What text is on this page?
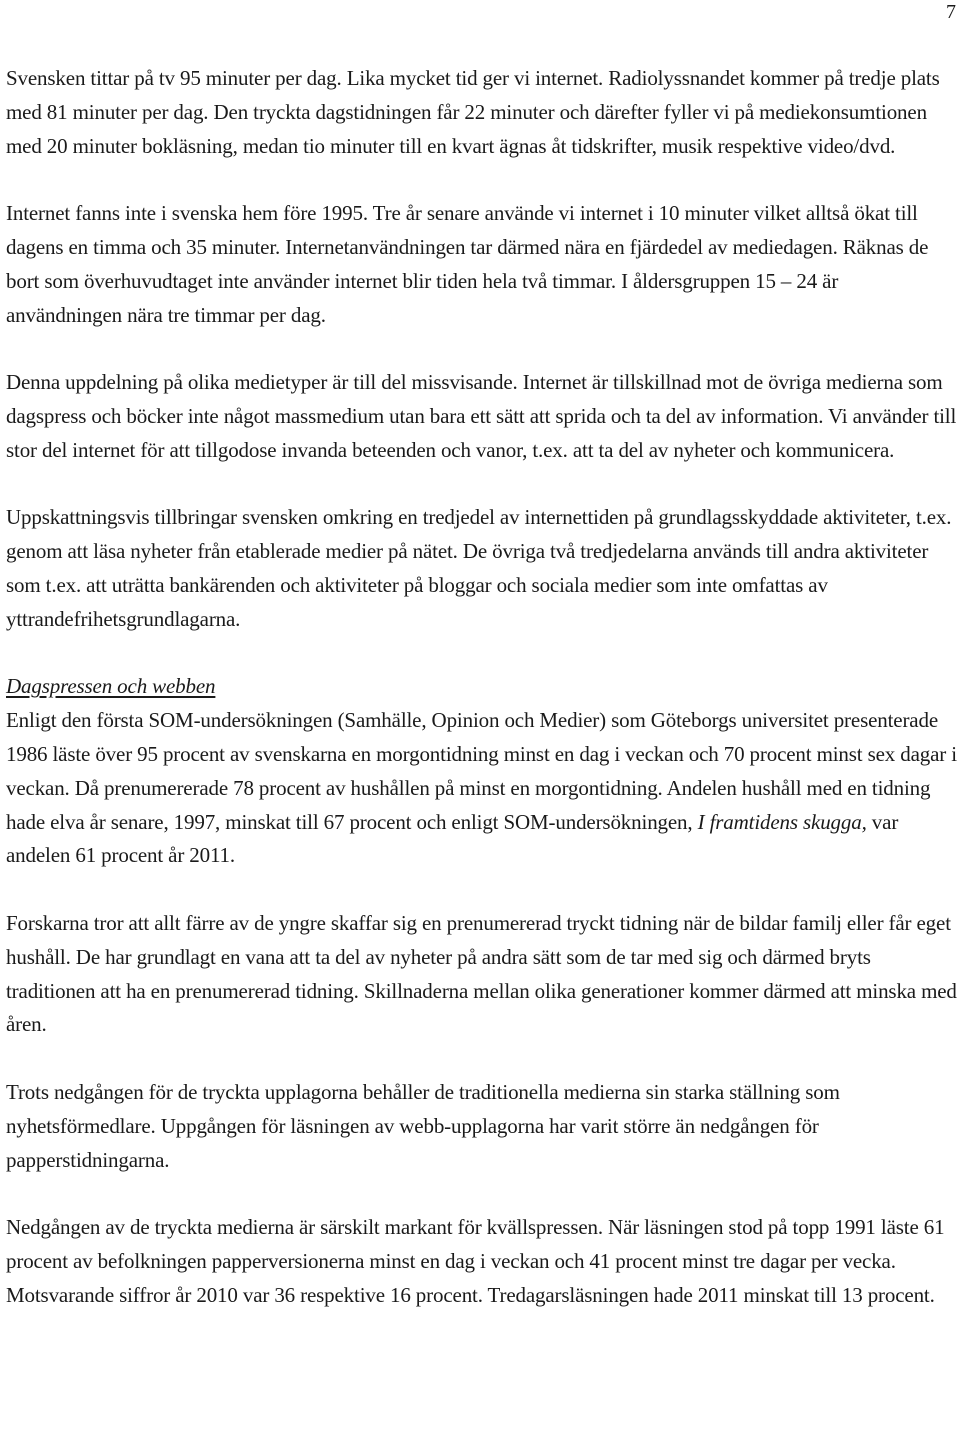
7

Svensken tittar på tv 95 minuter per dag. Lika mycket tid ger vi internet. Radiolyssnandet kommer på tredje plats med 81 minuter per dag. Den tryckta dagstidningen får 22 minuter och därefter fyller vi på mediekonsumtionen med 20 minuter bokläsning, medan tio minuter till en kvart ägnas åt tidskrifter, musik respektive video/dvd.

Internet fanns inte i svenska hem före 1995. Tre år senare använde vi internet i 10 minuter vilket alltså ökat till dagens en timma och 35 minuter. Internetanvändningen tar därmed nära en fjärdedel av mediedagen. Räknas de bort som överhuvudtaget inte använder internet blir tiden hela två timmar. I åldersgruppen 15 – 24 är användningen nära tre timmar per dag.

Denna uppdelning på olika medietyper är till del missvisande. Internet är tillskillnad mot de övriga medierna som dagspress och böcker inte något massmedium utan bara ett sätt att sprida och ta del av information. Vi använder till stor del internet för att tillgodose invanda beteenden och vanor, t.ex. att ta del av nyheter och kommunicera.

Uppskattningsvis tillbringar svensken omkring en tredjedel av internettiden på grundlagsskyddade aktiviteter, t.ex. genom att läsa nyheter från etablerade medier på nätet. De övriga två tredjedelarna används till andra aktiviteter som t.ex. att uträtta bankärenden och aktiviteter på bloggar och sociala medier som inte omfattas av yttrandefrihetsgrundlagarna.

Dagspressen och webben
Enligt den första SOM-undersökningen (Samhälle, Opinion och Medier) som Göteborgs universitet presenterade 1986 läste över 95 procent av svenskarna en morgontidning minst en dag i veckan och 70 procent minst sex dagar i veckan. Då prenumererade 78 procent av hushållen på minst en morgontidning. Andelen hushåll med en tidning hade elva år senare, 1997, minskat till 67 procent och enligt SOM-undersökningen, I framtidens skugga, var andelen 61 procent år 2011.

Forskarna tror att allt färre av de yngre skaffar sig en prenumererad tryckt tidning när de bildar familj eller får eget hushåll. De har grundlagt en vana att ta del av nyheter på andra sätt som de tar med sig och därmed bryts traditionen att ha en prenumererad tidning. Skillnaderna mellan olika generationer kommer därmed att minska med åren.

Trots nedgången för de tryckta upplagorna behåller de traditionella medierna sin starka ställning som nyhetsförmedlare. Uppgången för läsningen av webb-upplagorna har varit större än nedgången för papperstidningarna.

Nedgången av de tryckta medierna är särskilt markant för kvällspressen. När läsningen stod på topp 1991 läste 61 procent av befolkningen papperversionerna minst en dag i veckan och 41 procent minst tre dagar per vecka. Motsvarande siffror år 2010 var 36 respektive 16 procent. Tredagarsläsningen hade 2011 minskat till 13 procent.
